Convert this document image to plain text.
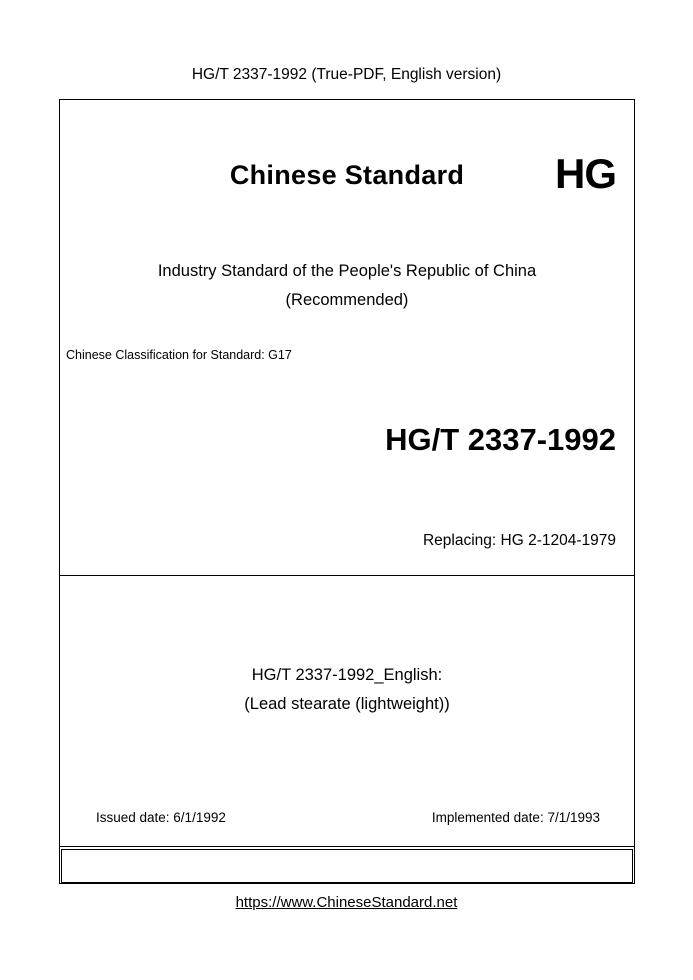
HG/T 2337-1992 (True-PDF, English version)
Chinese Standard	HG
Industry Standard of the People's Republic of China
(Recommended)
Chinese Classification for Standard: G17
HG/T 2337-1992
Replacing: HG 2-1204-1979
HG/T 2337-1992_English:
(Lead stearate (lightweight))
Issued date: 6/1/1992	Implemented date: 7/1/1993
https://www.ChineseStandard.net
